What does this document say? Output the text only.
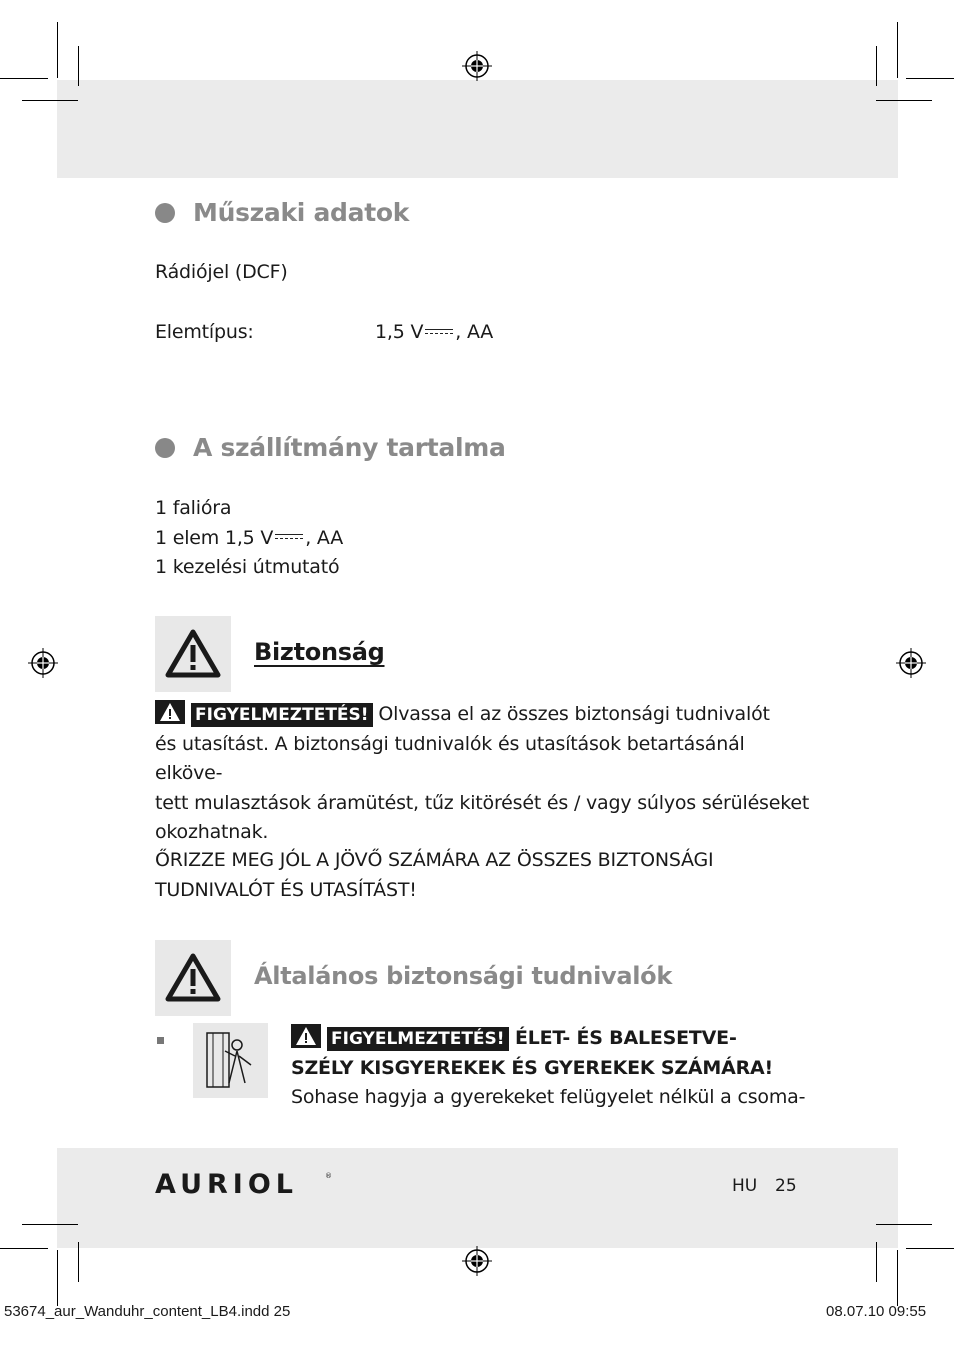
Műszaki adatok
Rádiójel (DCF)
Elemtípus:	1,5 V , AA
A szállítmány tartalma
1 falióra
1 elem 1,5 V , AA
1 kezelési útmutató
Biztonság
FIGYELMEZTETÉS! Olvassa el az összes biztonsági tudnivalót
és utasítást. A biztonsági tudnivalók és utasítások betartásánál elköve-
tett mulasztások áramütést, tűz kitörését és / vagy súlyos sérüléseket
okozhatnak.
ŐRIZZE MEG JÓL A JÖVŐ SZÁMÁRA AZ ÖSSZES BIZTONSÁGI
TUDNIVALÓT ÉS UTASÍTÁST!
Általános biztonsági tudnivalók
FIGYELMEZTETÉS! ÉLET- ÉS BALESETVE-
SZÉLY KISGYEREKEK ÉS GYEREKEK SZÁMÁRA!
Sohase hagyja a gyerekeket felügyelet nélkül a csoma-
AURIOL	®	HU 25
53674_aur_Wanduhr_content_LB4.indd 25	08.07.10 09:55
